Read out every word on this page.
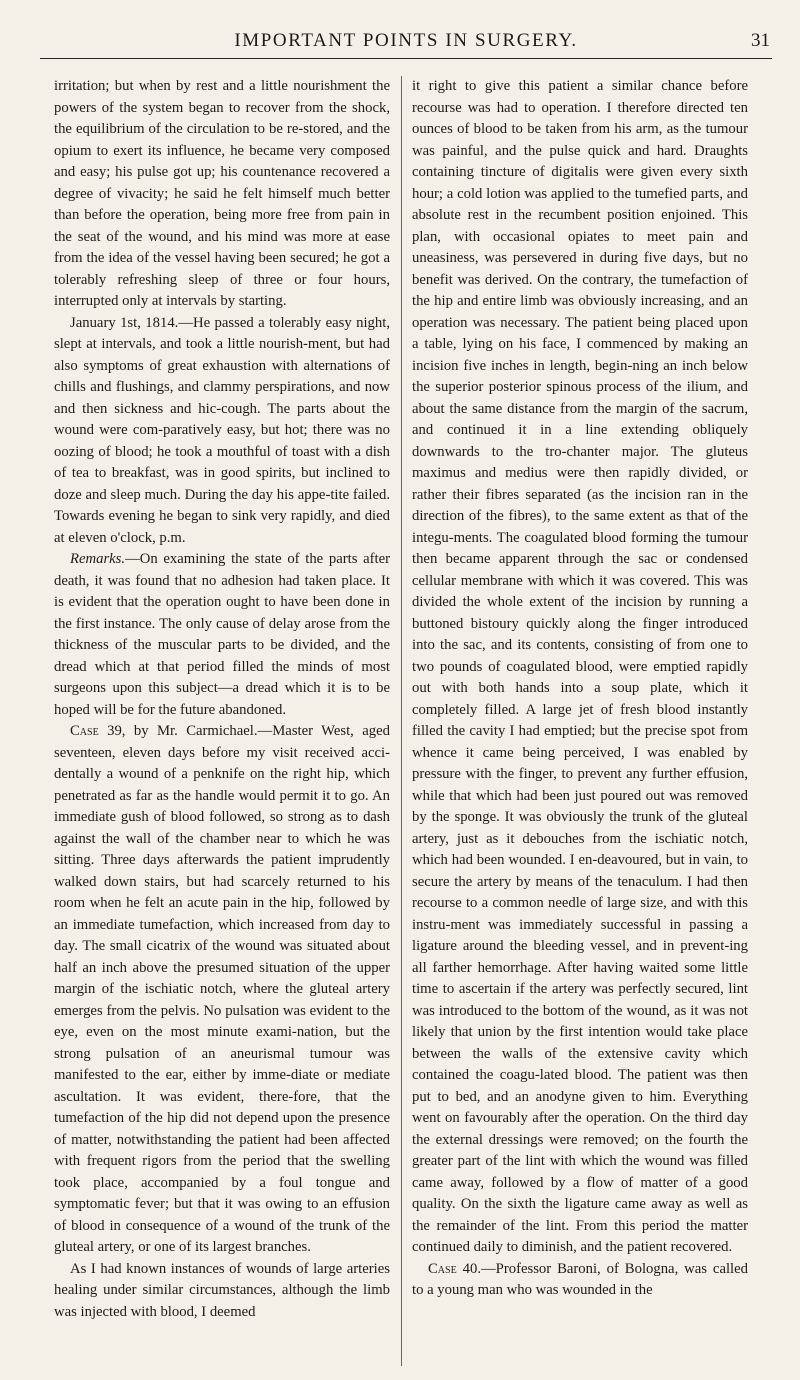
IMPORTANT POINTS IN SURGERY.	31

irritation; but when by rest and a little nourishment the powers of the system began to recover from the shock, the equilibrium of the circulation to be re-stored, and the opium to exert its influence, he became very composed and easy; his pulse got up; his countenance recovered a degree of vivacity; he said he felt himself much better than before the operation, being more free from pain in the seat of the wound, and his mind was more at ease from the idea of the vessel having been secured; he got a tolerably refreshing sleep of three or four hours, interrupted only at intervals by starting.

January 1st, 1814.—He passed a tolerably easy night, slept at intervals, and took a little nourish-ment, but had also symptoms of great exhaustion with alternations of chills and flushings, and clammy perspirations, and now and then sickness and hic-cough. The parts about the wound were com-paratively easy, but hot; there was no oozing of blood; he took a mouthful of toast with a dish of tea to breakfast, was in good spirits, but inclined to doze and sleep much. During the day his appe-tite failed. Towards evening he began to sink very rapidly, and died at eleven o'clock, p.m.

Remarks.—On examining the state of the parts after death, it was found that no adhesion had taken place. It is evident that the operation ought to have been done in the first instance. The only cause of delay arose from the thickness of the muscular parts to be divided, and the dread which at that period filled the minds of most surgeons upon this subject—a dread which it is to be hoped will be for the future abandoned.

Case 39, by Mr. Carmichael.—Master West, aged seventeen, eleven days before my visit received acci-dentally a wound of a penknife on the right hip, which penetrated as far as the handle would permit it to go. An immediate gush of blood followed, so strong as to dash against the wall of the chamber near to which he was sitting. Three days afterwards the patient imprudently walked down stairs, but had scarcely returned to his room when he felt an acute pain in the hip, followed by an immediate tumefaction, which increased from day to day. The small cicatrix of the wound was situated about half an inch above the presumed situation of the upper margin of the ischiatic notch, where the gluteal artery emerges from the pelvis. No pulsation was evident to the eye, even on the most minute exami-nation, but the strong pulsation of an aneurismal tumour was manifested to the ear, either by imme-diate or mediate ascultation. It was evident, there-fore, that the tumefaction of the hip did not depend upon the presence of matter, notwithstanding the patient had been affected with frequent rigors from the period that the swelling took place, accompanied by a foul tongue and symptomatic fever; but that it was owing to an effusion of blood in consequence of a wound of the trunk of the gluteal artery, or one of its largest branches.

As I had known instances of wounds of large arteries healing under similar circumstances, although the limb was injected with blood, I deemed

it right to give this patient a similar chance before recourse was had to operation. I therefore directed ten ounces of blood to be taken from his arm, as the tumour was painful, and the pulse quick and hard. Draughts containing tincture of digitalis were given every sixth hour; a cold lotion was applied to the tumefied parts, and absolute rest in the recumbent position enjoined. This plan, with occasional opiates to meet pain and uneasiness, was persevered in during five days, but no benefit was derived. On the contrary, the tumefaction of the hip and entire limb was obviously increasing, and an operation was necessary. The patient being placed upon a table, lying on his face, I commenced by making an incision five inches in length, begin-ning an inch below the superior posterior spinous process of the ilium, and about the same distance from the margin of the sacrum, and continued it in a line extending obliquely downwards to the tro-chanter major. The gluteus maximus and medius were then rapidly divided, or rather their fibres separated (as the incision ran in the direction of the fibres), to the same extent as that of the integu-ments. The coagulated blood forming the tumour then became apparent through the sac or condensed cellular membrane with which it was covered. This was divided the whole extent of the incision by running a buttoned bistoury quickly along the finger introduced into the sac, and its contents, consisting of from one to two pounds of coagulated blood, were emptied rapidly out with both hands into a soup plate, which it completely filled. A large jet of fresh blood instantly filled the cavity I had emptied; but the precise spot from whence it came being perceived, I was enabled by pressure with the finger, to prevent any further effusion, while that which had been just poured out was removed by the sponge. It was obviously the trunk of the gluteal artery, just as it debouches from the ischiatic notch, which had been wounded. I en-deavoured, but in vain, to secure the artery by means of the tenaculum. I had then recourse to a common needle of large size, and with this instru-ment was immediately successful in passing a ligature around the bleeding vessel, and in prevent-ing all farther hemorrhage. After having waited some little time to ascertain if the artery was perfectly secured, lint was introduced to the bottom of the wound, as it was not likely that union by the first intention would take place between the walls of the extensive cavity which contained the coagu-lated blood. The patient was then put to bed, and an anodyne given to him. Everything went on favourably after the operation. On the third day the external dressings were removed; on the fourth the greater part of the lint with which the wound was filled came away, followed by a flow of matter of a good quality. On the sixth the ligature came away as well as the remainder of the lint. From this period the matter continued daily to diminish, and the patient recovered.

Case 40.—Professor Baroni, of Bologna, was called to a young man who was wounded in the
